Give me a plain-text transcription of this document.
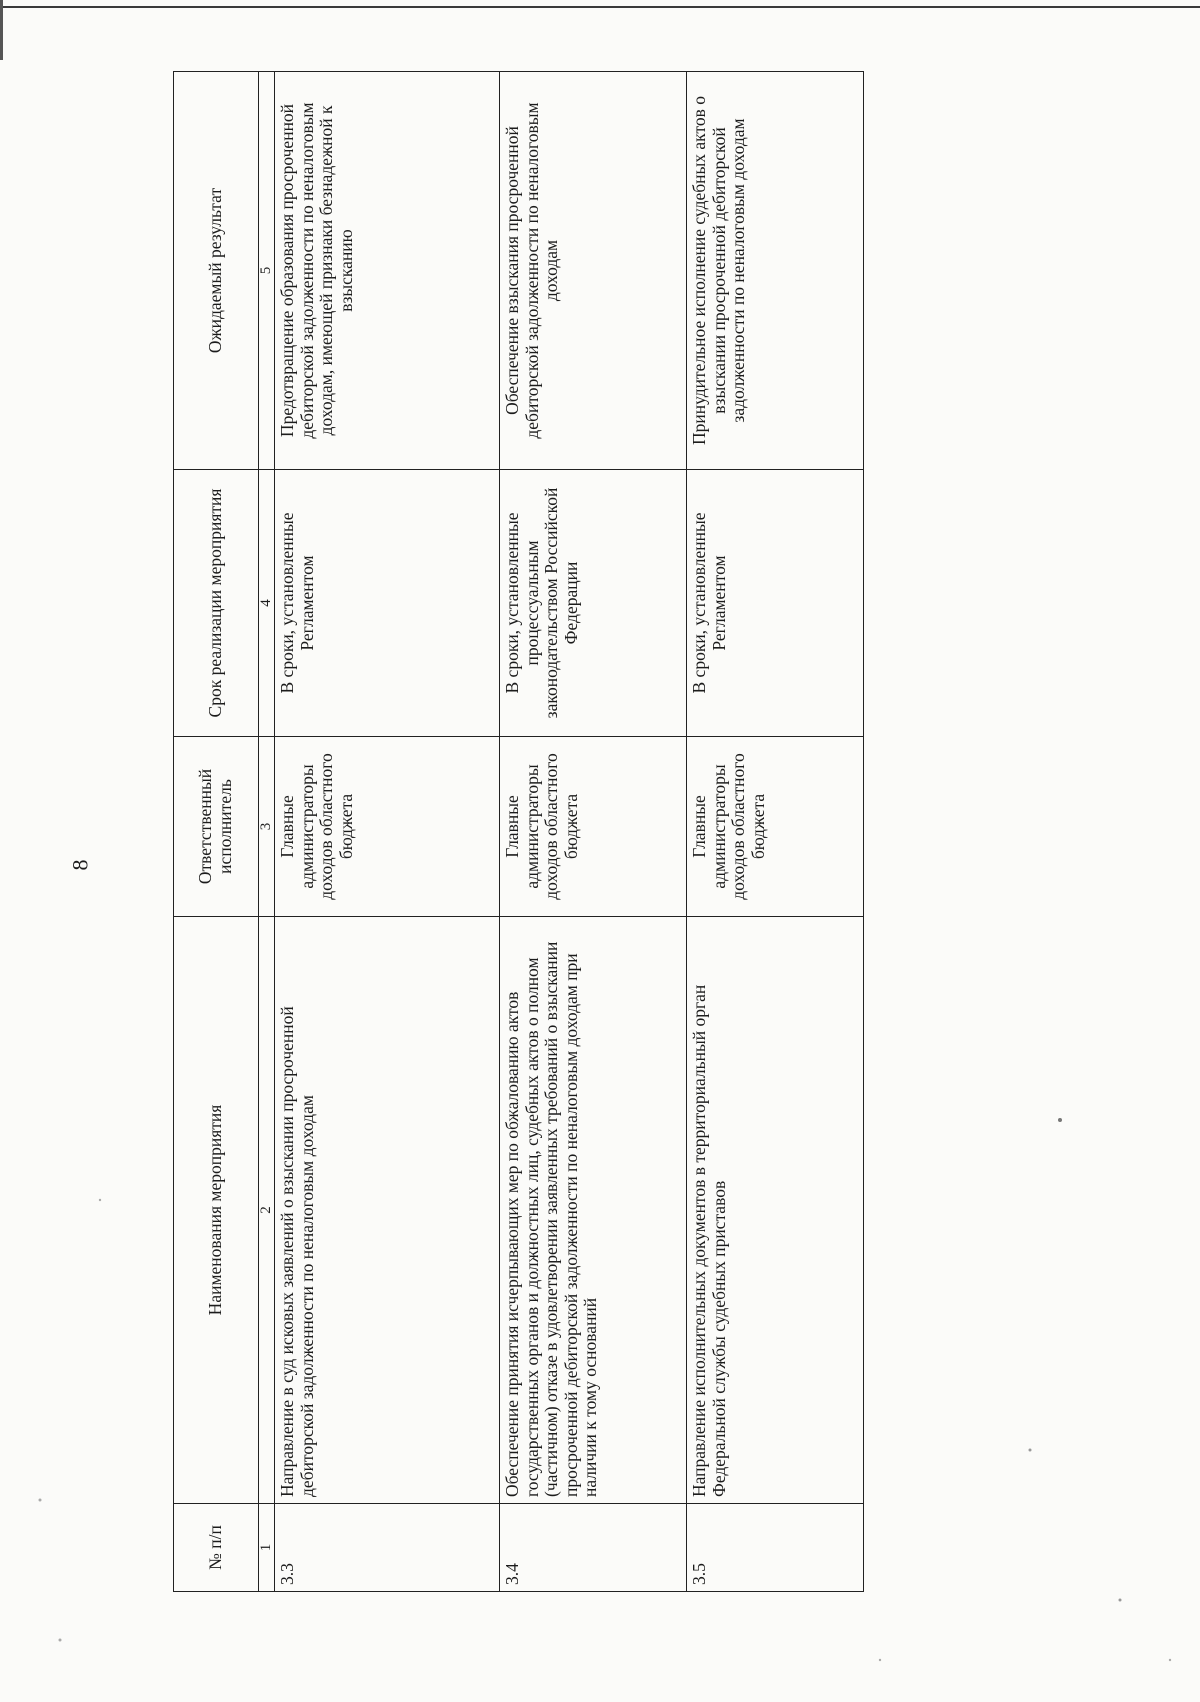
8
№ п/п	Наименования мероприятия	Ответственный исполнитель	Срок реализации мероприятия	Ожидаемый результат
1	2	3	4	5
3.3	Направление в суд исковых заявлений о взыскании просроченной дебиторской задолженности по неналоговым доходам	Главные администраторы доходов областного бюджета	В сроки, установленные Регламентом	Предотвращение образования просроченной дебиторской задолженности по неналоговым доходам, имеющей признаки безнадежной к взысканию
3.4	Обеспечение принятия исчерпывающих мер по обжалованию актов государственных органов и должностных лиц, судебных актов о полном (частичном) отказе в удовлетворении заявленных требований о взыскании просроченной дебиторской задолженности по неналоговым доходам при наличии к тому оснований	Главные администраторы доходов областного бюджета	В сроки, установленные процессуальным законодательством Российской Федерации	Обеспечение взыскания просроченной дебиторской задолженности по неналоговым доходам
3.5	Направление исполнительных документов в территориальный орган Федеральной службы судебных приставов	Главные администраторы доходов областного бюджета	В сроки, установленные Регламентом	Принудительное исполнение судебных актов о взыскании просроченной дебиторской задолженности по неналоговым доходам
